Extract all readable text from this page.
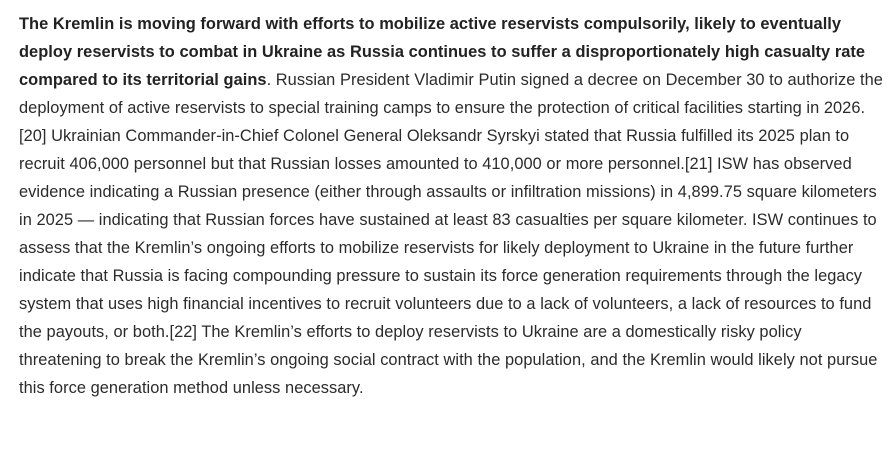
The Kremlin is moving forward with efforts to mobilize active reservists compulsorily, likely to eventually deploy reservists to combat in Ukraine as Russia continues to suffer a disproportionately high casualty rate compared to its territorial gains. Russian President Vladimir Putin signed a decree on December 30 to authorize the deployment of active reservists to special training camps to ensure the protection of critical facilities starting in 2026.[20] Ukrainian Commander-in-Chief Colonel General Oleksandr Syrskyi stated that Russia fulfilled its 2025 plan to recruit 406,000 personnel but that Russian losses amounted to 410,000 or more personnel.[21] ISW has observed evidence indicating a Russian presence (either through assaults or infiltration missions) in 4,899.75 square kilometers in 2025 — indicating that Russian forces have sustained at least 83 casualties per square kilometer. ISW continues to assess that the Kremlin’s ongoing efforts to mobilize reservists for likely deployment to Ukraine in the future further indicate that Russia is facing compounding pressure to sustain its force generation requirements through the legacy system that uses high financial incentives to recruit volunteers due to a lack of volunteers, a lack of resources to fund the payouts, or both.[22] The Kremlin’s efforts to deploy reservists to Ukraine are a domestically risky policy threatening to break the Kremlin’s ongoing social contract with the population, and the Kremlin would likely not pursue this force generation method unless necessary.
